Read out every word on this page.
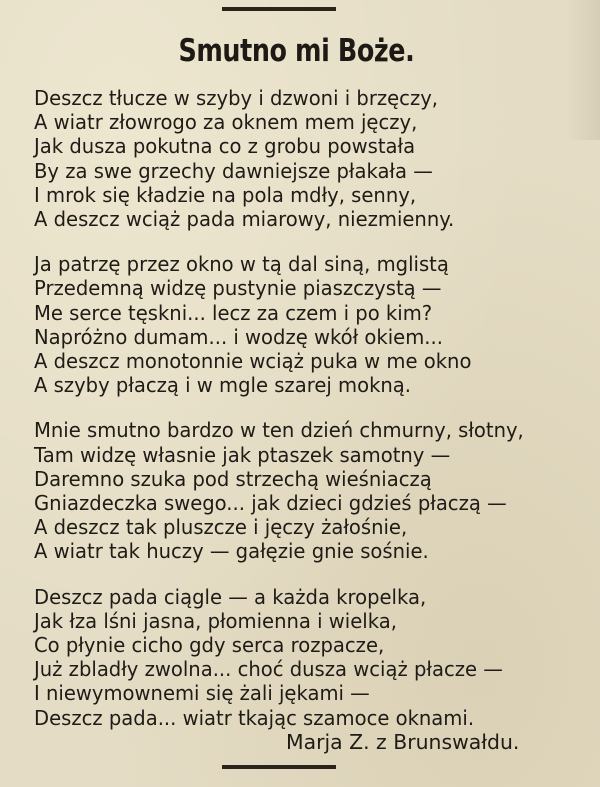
Smutno mi Boże.
Deszcz tłucze w szyby i dzwoni i brzęczy,
A wiatr złowrogo za oknem mem jęczy,
Jak dusza pokutna co z grobu powstała
By za swe grzechy dawniejsze płakała —
I mrok się kładzie na pola mdły, senny,
A deszcz wciąż pada miarowy, niezmienny.
Ja patrzę przez okno w tą dal siną, mglistą
Przedemną widzę pustynie piaszczystą —
Me serce tęskni... lecz za czem i po kim?
Napróżno dumam... i wodzę wkół okiem...
A deszcz monotonnie wciąż puka w me okno
A szyby płaczą i w mgle szarej mokną.
Mnie smutno bardzo w ten dzień chmurny, słotny,
Tam widzę własnie jak ptaszek samotny —
Daremno szuka pod strzechą wieśniaczą
Gniazdeczka swego... jak dzieci gdzieś płaczą —
A deszcz tak pluszcze i jęczy żałośnie,
A wiatr tak huczy — gałęzie gnie sośnie.
Deszcz pada ciągle — a każda kropelka,
Jak łza lśni jasna, płomienna i wielka,
Co płynie cicho gdy serca rozpacze,
Już zbladły zwolna... choć dusza wciąż płacze —
I niewymownemi się żali jękami —
Deszcz pada... wiatr tkając szamoce oknami.
Marja Z. z Brunswałdu.
